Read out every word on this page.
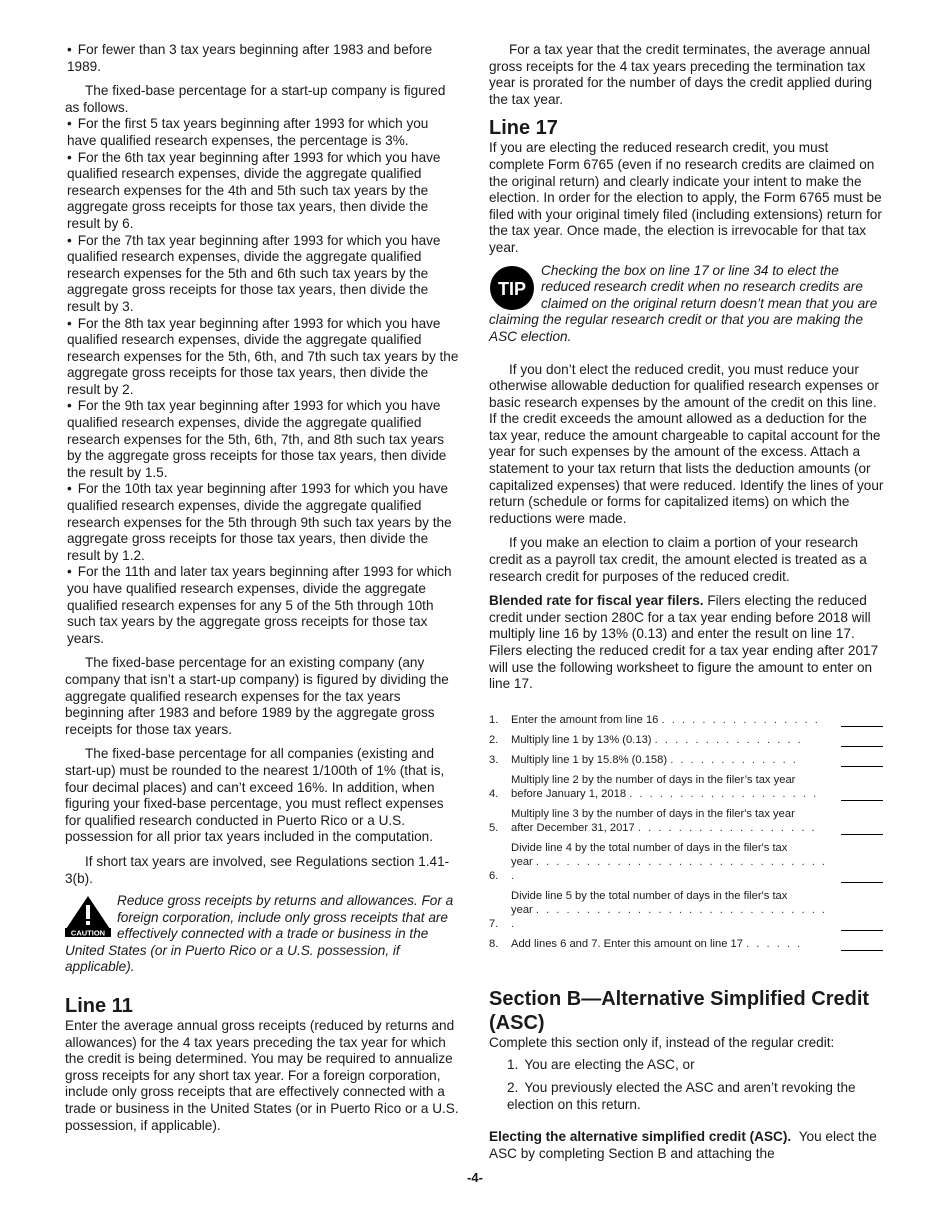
• For fewer than 3 tax years beginning after 1983 and before 1989.

The fixed-base percentage for a start-up company is figured as follows.

• For the first 5 tax years beginning after 1993 for which you have qualified research expenses, the percentage is 3%.

• For the 6th tax year beginning after 1993 for which you have qualified research expenses, divide the aggregate qualified research expenses for the 4th and 5th such tax years by the aggregate gross receipts for those tax years, then divide the result by 6.

• For the 7th tax year beginning after 1993 for which you have qualified research expenses, divide the aggregate qualified research expenses for the 5th and 6th such tax years by the aggregate gross receipts for those tax years, then divide the result by 3.

• For the 8th tax year beginning after 1993 for which you have qualified research expenses, divide the aggregate qualified research expenses for the 5th, 6th, and 7th such tax years by the aggregate gross receipts for those tax years, then divide the result by 2.

• For the 9th tax year beginning after 1993 for which you have qualified research expenses, divide the aggregate qualified research expenses for the 5th, 6th, 7th, and 8th such tax years by the aggregate gross receipts for those tax years, then divide the result by 1.5.

• For the 10th tax year beginning after 1993 for which you have qualified research expenses, divide the aggregate qualified research expenses for the 5th through 9th such tax years by the aggregate gross receipts for those tax years, then divide the result by 1.2.

• For the 11th and later tax years beginning after 1993 for which you have qualified research expenses, divide the aggregate qualified research expenses for any 5 of the 5th through 10th such tax years by the aggregate gross receipts for those tax years.

The fixed-base percentage for an existing company (any company that isn’t a start-up company) is figured by dividing the aggregate qualified research expenses for the tax years beginning after 1983 and before 1989 by the aggregate gross receipts for those tax years.

The fixed-base percentage for all companies (existing and start-up) must be rounded to the nearest 1/100th of 1% (that is, four decimal places) and can’t exceed 16%. In addition, when figuring your fixed-base percentage, you must reflect expenses for qualified research conducted in Puerto Rico or a U.S. possession for all prior tax years included in the computation.

If short tax years are involved, see Regulations section 1.41-3(b).

CAUTION

Reduce gross receipts by returns and allowances. For a foreign corporation, include only gross receipts that are effectively connected with a trade or business in the United States (or in Puerto Rico or a U.S. possession, if applicable).

Line 11

Enter the average annual gross receipts (reduced by returns and allowances) for the 4 tax years preceding the tax year for which the credit is being determined. You may be required to annualize gross receipts for any short tax year. For a foreign corporation, include only gross receipts that are effectively connected with a trade or business in the United States (or in Puerto Rico or a U.S. possession, if applicable).

For a tax year that the credit terminates, the average annual gross receipts for the 4 tax years preceding the termination tax year is prorated for the number of days the credit applied during the tax year.

Line 17

If you are electing the reduced research credit, you must complete Form 6765 (even if no research credits are claimed on the original return) and clearly indicate your intent to make the election. In order for the election to apply, the Form 6765 must be filed with your original timely filed (including extensions) return for the tax year. Once made, the election is irrevocable for that tax year.

TIP

Checking the box on line 17 or line 34 to elect the reduced research credit when no research credits are claimed on the original return doesn’t mean that you are claiming the regular research credit or that you are making the ASC election.

If you don’t elect the reduced credit, you must reduce your otherwise allowable deduction for qualified research expenses or basic research expenses by the amount of the credit on this line. If the credit exceeds the amount allowed as a deduction for the tax year, reduce the amount chargeable to capital account for the year for such expenses by the amount of the excess. Attach a statement to your tax return that lists the deduction amounts (or capitalized expenses) that were reduced. Identify the lines of your return (schedule or forms for capitalized items) on which the reductions were made.

If you make an election to claim a portion of your research credit as a payroll tax credit, the amount elected is treated as a research credit for purposes of the reduced credit.

Blended rate for fiscal year filers. Filers electing the reduced credit under section 280C for a tax year ending before 2018 will multiply line 16 by 13% (0.13) and enter the result on line 17. Filers electing the reduced credit for a tax year ending after 2017 will use the following worksheet to figure the amount to enter on line 17.

1.	Enter the amount from line 16 . . . . . . . . . . . . . . . .
2.	Multiply line 1 by 13% (0.13) . . . . . . . . . . . . . . .
3.	Multiply line 1 by 15.8% (0.158) . . . . . . . . . . . . .
4.
Multiply line 2 by the number of days in the filer’s tax year
before January 1, 2018 . . . . . . . . . . . . . . . . . . .
5.
Multiply line 3 by the number of days in the filer's tax year
after December 31, 2017 . . . . . . . . . . . . . . . . . .
6.
Divide line 4 by the total number of days in the filer's tax
year . . . . . . . . . . . . . . . . . . . . . . . . . . . . . .
7.
Divide line 5 by the total number of days in the filer's tax
year . . . . . . . . . . . . . . . . . . . . . . . . . . . . . .
8.	Add lines 6 and 7. Enter this amount on line 17 . . . . . .
Section B—Alternative Simplified Credit (ASC)

Complete this section only if, instead of the regular credit:

1. You are electing the ASC, or

2. You previously elected the ASC and aren’t revoking the election on this return.

Electing the alternative simplified credit (ASC). You elect the ASC by completing Section B and attaching the

-4-
